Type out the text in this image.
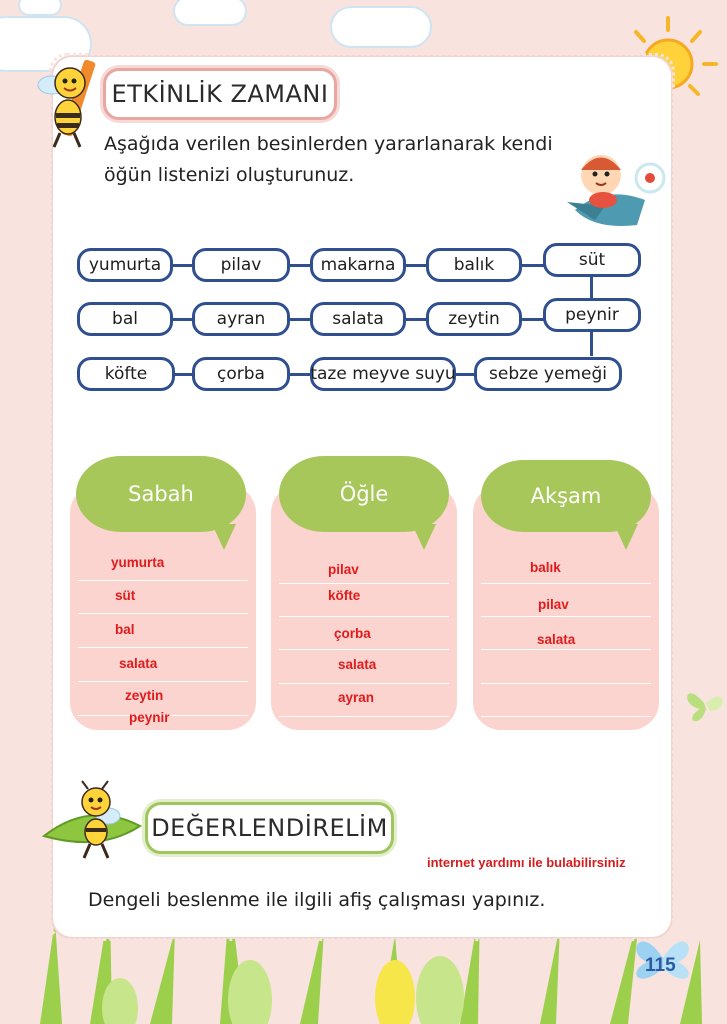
ETKİNLİK ZAMANI
Aşağıda verilen besinlerden yararlanarak kendi
öğün listenizi oluşturunuz.
yumurta	pilav	makarna	balık	süt
bal	ayran	salata	zeytin	peynir
köfte	çorba	taze meyve suyu	sebze yemeği
Sabah	Öğle	Akşam
yumurta
süt
bal
salata
zeytin
peynir
pilav
köfte
çorba
salata
ayran
balık
pilav
salata
DEĞERLENDİRELİM
internet yardımı ile bulabilirsiniz
Dengeli beslenme ile ilgili afiş çalışması yapınız.
115
